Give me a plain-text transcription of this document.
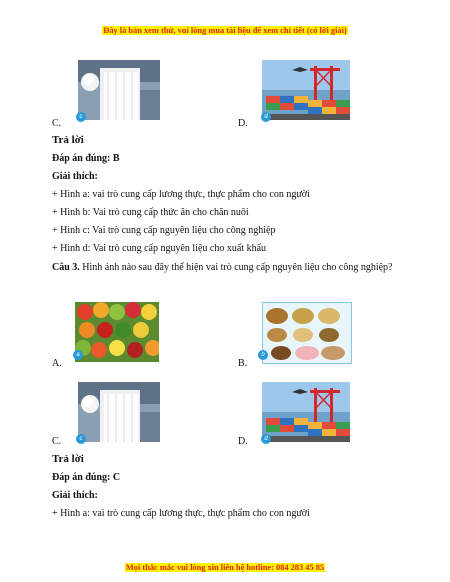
Đây là bản xem thử, vui lòng mua tài liệu để xem chi tiết (có lời giải)
c
C.
d
D.
Trả lời
Đáp án đúng: B
Giải thích:
+ Hình a: vai trò cung cấp lương thực, thực phẩm cho con người
+ Hình b: Vai trò cung cấp thức ăn cho chăn nuôi
+ Hình c: Vai trò cung cấp nguyên liệu cho công nghiệp
+ Hình d: Vai trò cung cấp nguyên liệu cho xuất khẩu
Câu 3. Hình ảnh nào sau đây thể hiện vai trò cung cấp nguyên liệu cho công nghiệp?
a
A.
b
B.
c
C.	d
D.
Trả lời
Đáp án đúng: C
Giải thích:
+ Hình a: vai trò cung cấp lương thực, thực phẩm cho con người
Mọi thắc mắc vui lòng xin liên hệ hotline: 084 283 45 85
